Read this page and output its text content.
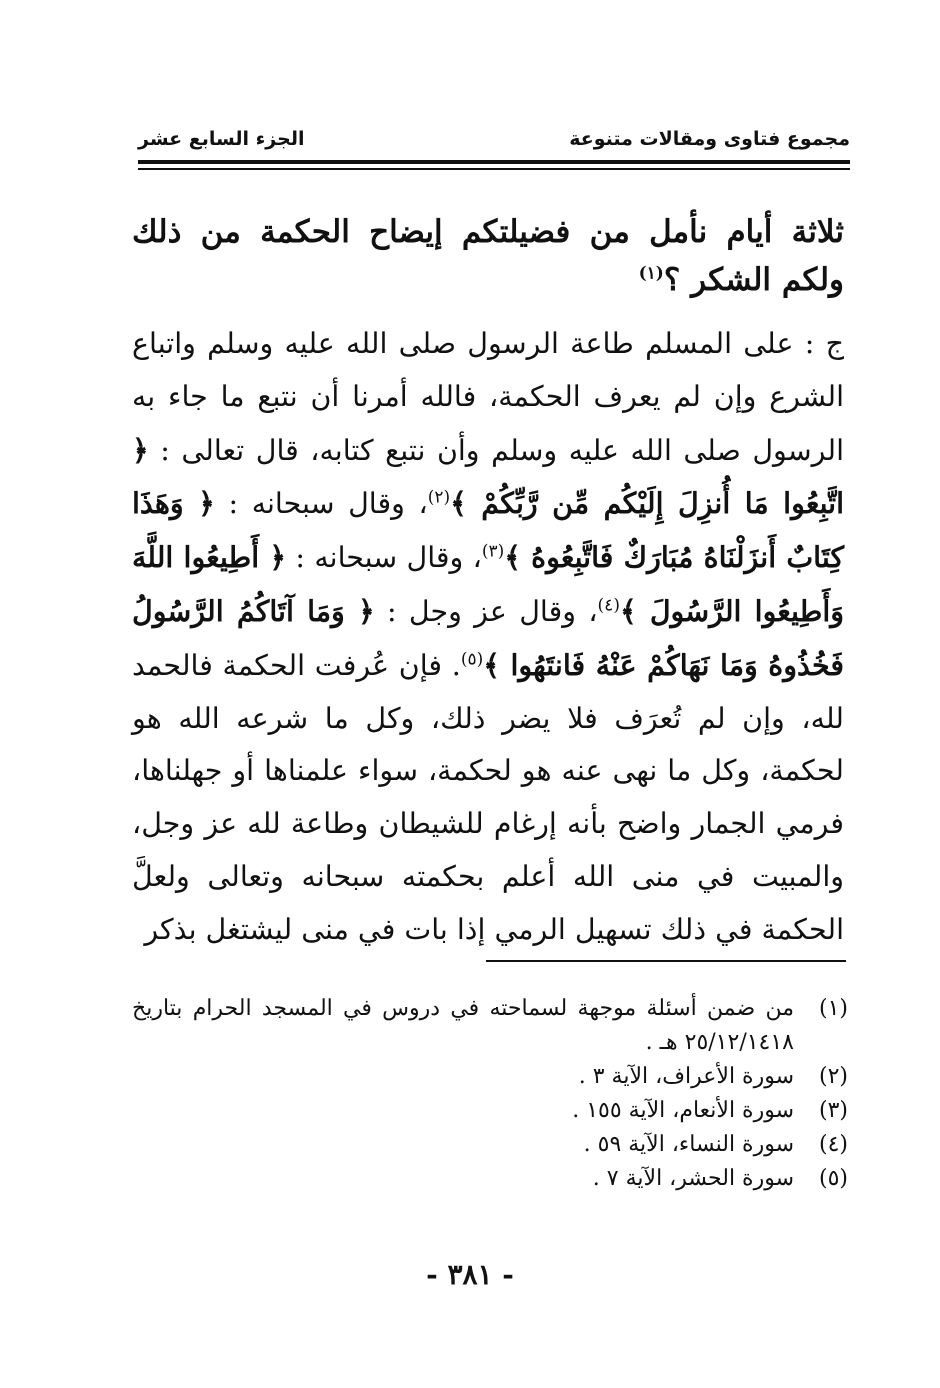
مجموع فتاوى ومقالات متنوعة
الجزء السابع عشر
ثلاثة أيام نأمل من فضيلتكم إيضاح الحكمة من ذلك ولكم الشكر ؟$^{(١)}$

ج : على المسلم طاعة الرسول صلى الله عليه وسلم واتباع الشرع وإن لم يعرف الحكمة، فالله أمرنا أن نتبع ما جاء به الرسول صلى الله عليه وسلم وأن نتبع كتابه، قال تعالى : ﴿ اتَّبِعُوا مَا أُنزِلَ إِلَيْكُم مِّن رَّبِّكُمْ ﴾$^{(٢)}$، وقال سبحانه : ﴿ وَهَذَا كِتَابٌ أَنزَلْنَاهُ مُبَارَكٌ فَاتَّبِعُوهُ ﴾$^{(٣)}$، وقال سبحانه : ﴿ أَطِيعُوا اللَّهَ وَأَطِيعُوا الرَّسُولَ ﴾$^{(٤)}$، وقال عز وجل : ﴿ وَمَا آتَاكُمُ الرَّسُولُ فَخُذُوهُ وَمَا نَهَاكُمْ عَنْهُ فَانتَهُوا ﴾$^{(٥)}$. فإن عُرفت الحكمة فالحمد لله، وإن لم تُعرَف فلا يضر ذلك، وكل ما شرعه الله هو لحكمة، وكل ما نهى عنه هو لحكمة، سواء علمناها أو جهلناها، فرمي الجمار واضح بأنه إرغام للشيطان وطاعة لله عز وجل، والمبيت في منى الله أعلم بحكمته سبحانه وتعالى ولعلَّ الحكمة في ذلك تسهيل الرمي إذا بات في منى ليشتغل بذكر

(١)
من ضمن أسئلة موجهة لسماحته في دروس في المسجد الحرام بتاريخ ٢٥/١٢/١٤١٨ هـ .
(٢)
سورة الأعراف، الآية ٣ .
(٣)
سورة الأنعام، الآية ١٥٥ .
(٤)
سورة النساء، الآية ٥٩ .
(٥)
سورة الحشر، الآية ٧ .
- ٣٨١ -
